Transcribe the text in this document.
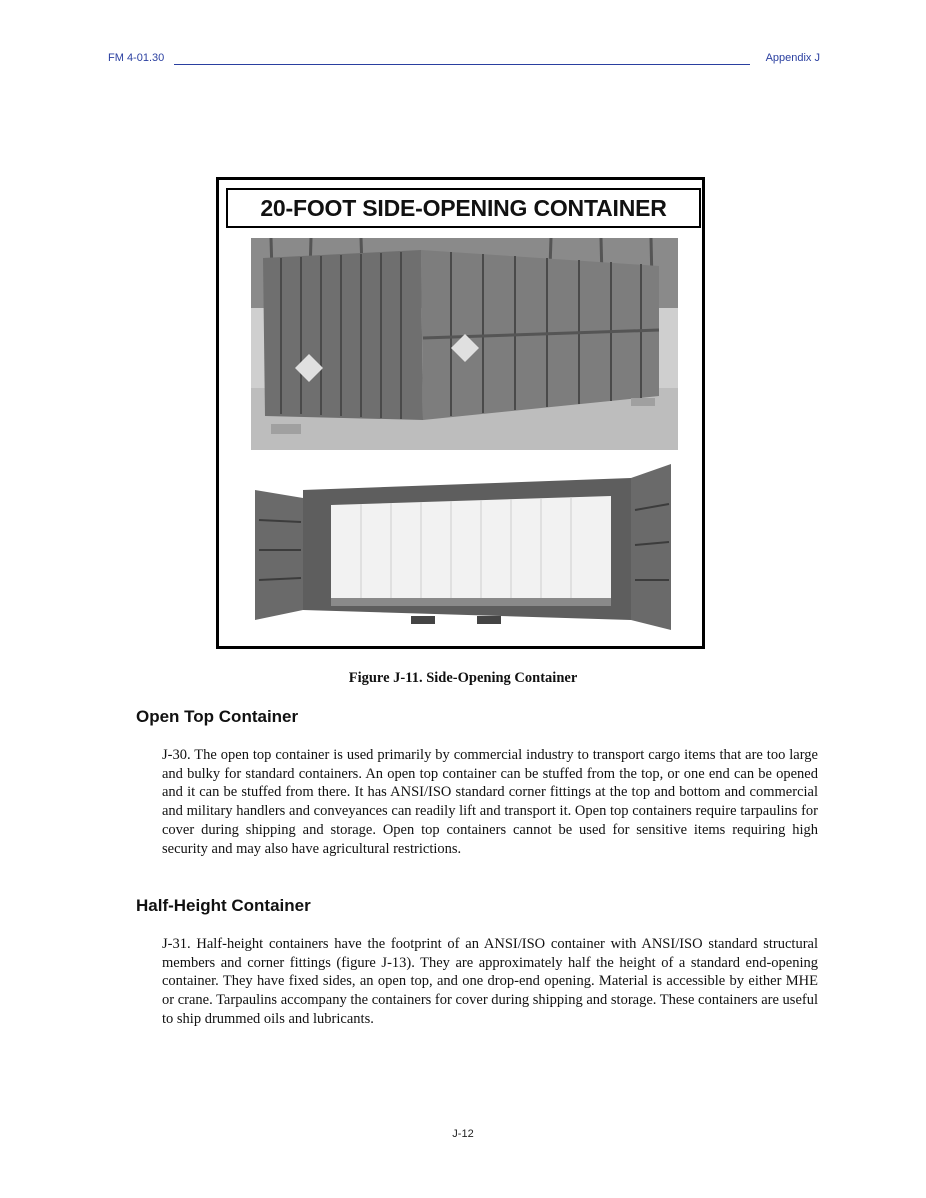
FM 4-01.30	Appendix J
20-FOOT SIDE-OPENING CONTAINER
Figure J-11. Side-Opening Container
Open Top Container
J-30. The open top container is used primarily by commercial industry to transport cargo items that are too large and bulky for standard containers. An open top container can be stuffed from the top, or one end can be opened and it can be stuffed from there. It has ANSI/ISO standard corner fittings at the top and bottom and commercial and military handlers and conveyances can readily lift and transport it. Open top containers require tarpaulins for cover during shipping and storage. Open top containers cannot be used for sensitive items requiring high security and may also have agricultural restrictions.
Half-Height Container
J-31. Half-height containers have the footprint of an ANSI/ISO container with ANSI/ISO standard structural members and corner fittings (figure J-13). They are approximately half the height of a standard end-opening container. They have fixed sides, an open top, and one drop-end opening. Material is accessible by either MHE or crane. Tarpaulins accompany the containers for cover during shipping and storage. These containers are useful to ship drummed oils and lubricants.
J-12
